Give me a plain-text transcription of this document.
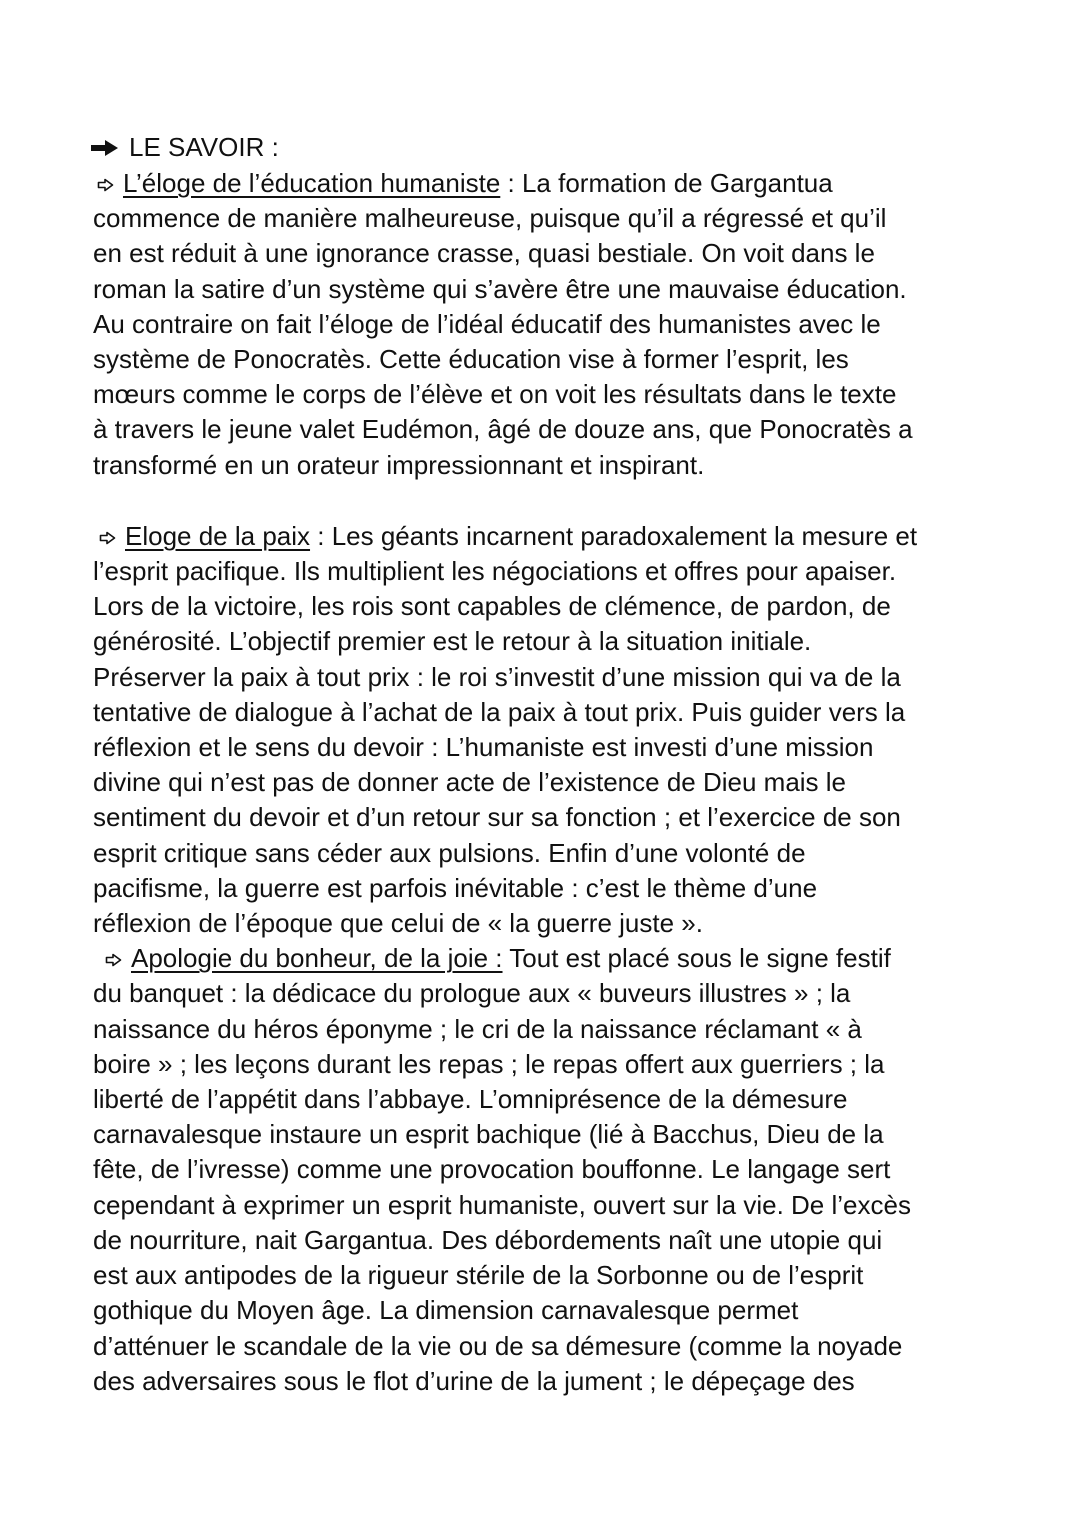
LE SAVOIR :
L’éloge de l’éducation humaniste : La formation de Gargantua
commence de manière malheureuse, puisque qu’il a régressé et qu’il
en est réduit à une ignorance crasse, quasi bestiale. On voit dans le
roman la satire d’un système qui s’avère être une mauvaise éducation.
Au contraire on fait l’éloge de l’idéal éducatif des humanistes avec le
système de Ponocratès. Cette éducation vise à former l’esprit, les
mœurs comme le corps de l’élève et on voit les résultats dans le texte
à travers le jeune valet Eudémon, âgé de douze ans, que Ponocratès a
transformé en un orateur impressionnant et inspirant.
Eloge de la paix : Les géants incarnent paradoxalement la mesure et
l’esprit pacifique. Ils multiplient les négociations et offres pour apaiser.
Lors de la victoire, les rois sont capables de clémence, de pardon, de
générosité. L’objectif premier est le retour à la situation initiale.
Préserver la paix à tout prix : le roi s’investit d’une mission qui va de la
tentative de dialogue à l’achat de la paix à tout prix. Puis guider vers la
réflexion et le sens du devoir : L’humaniste est investi d’une mission
divine qui n’est pas de donner acte de l’existence de Dieu mais le
sentiment du devoir et d’un retour sur sa fonction ; et l’exercice de son
esprit critique sans céder aux pulsions. Enfin d’une volonté de
pacifisme, la guerre est parfois inévitable : c’est le thème d’une
réflexion de l’époque que celui de « la guerre juste ».
Apologie du bonheur, de la joie : Tout est placé sous le signe festif
du banquet : la dédicace du prologue aux « buveurs illustres » ; la
naissance du héros éponyme ; le cri de la naissance réclamant « à
boire » ; les leçons durant les repas ; le repas offert aux guerriers ; la
liberté de l’appétit dans l’abbaye. L’omniprésence de la démesure
carnavalesque instaure un esprit bachique (lié à Bacchus, Dieu de la
fête, de l’ivresse) comme une provocation bouffonne. Le langage sert
cependant à exprimer un esprit humaniste, ouvert sur la vie. De l’excès
de nourriture, nait Gargantua. Des débordements naît une utopie qui
est aux antipodes de la rigueur stérile de la Sorbonne ou de l’esprit
gothique du Moyen âge. La dimension carnavalesque permet
d’atténuer le scandale de la vie ou de sa démesure (comme la noyade
des adversaires sous le flot d’urine de la jument ; le dépeçage des
